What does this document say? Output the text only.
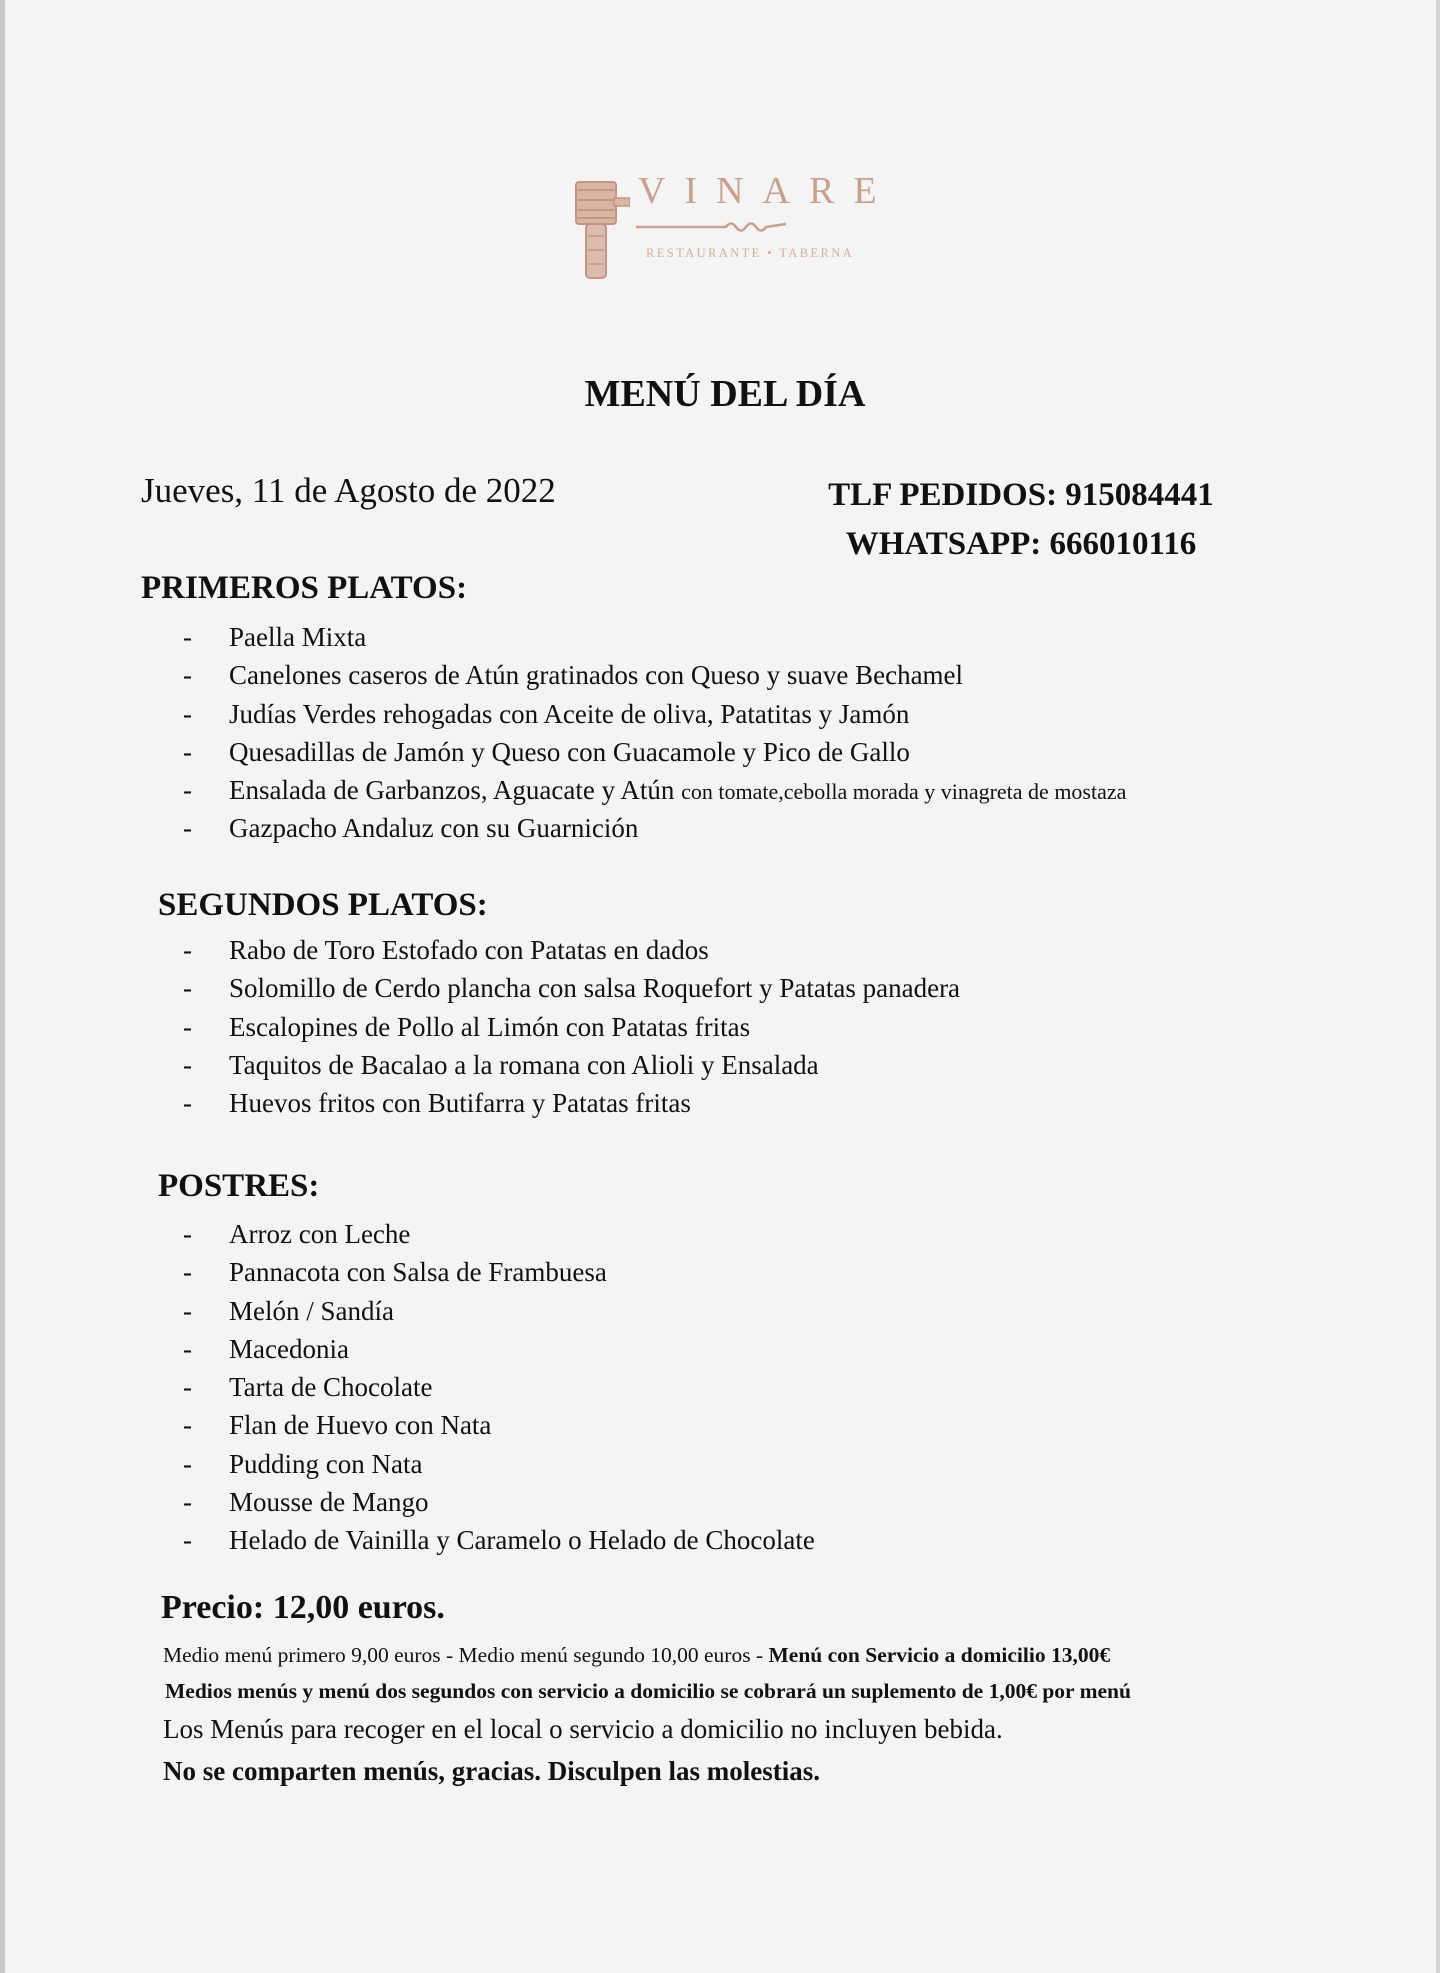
VINARE
RESTAURANTE • TABERNA
MENÚ DEL DÍA
Jueves, 11 de Agosto de 2022	TLF PEDIDOS: 915084441
WHATSAPP: 666010116
PRIMEROS PLATOS:
- Paella Mixta
- Canelones caseros de Atún gratinados con Queso y suave Bechamel
- Judías Verdes rehogadas con Aceite de oliva, Patatitas y Jamón
- Quesadillas de Jamón y Queso con Guacamole y Pico de Gallo
- Ensalada de Garbanzos, Aguacate y Atún con tomate,cebolla morada y vinagreta de mostaza
- Gazpacho Andaluz con su Guarnición
SEGUNDOS PLATOS:
- Rabo de Toro Estofado con Patatas en dados
- Solomillo de Cerdo plancha con salsa Roquefort y Patatas panadera
- Escalopines de Pollo al Limón con Patatas fritas
- Taquitos de Bacalao a la romana con Alioli y Ensalada
- Huevos fritos con Butifarra y Patatas fritas
POSTRES:
- Arroz con Leche
- Pannacota con Salsa de Frambuesa
- Melón / Sandía
- Macedonia
- Tarta de Chocolate
- Flan de Huevo con Nata
- Pudding con Nata
- Mousse de Mango
- Helado de Vainilla y Caramelo o Helado de Chocolate
Precio: 12,00 euros.
Medio menú primero 9,00 euros - Medio menú segundo 10,00 euros - Menú con Servicio a domicilio 13,00€
Medios menús y menú dos segundos con servicio a domicilio se cobrará un suplemento de 1,00€ por menú
Los Menús para recoger en el local o servicio a domicilio no incluyen bebida.
No se comparten menús, gracias. Disculpen las molestias.
